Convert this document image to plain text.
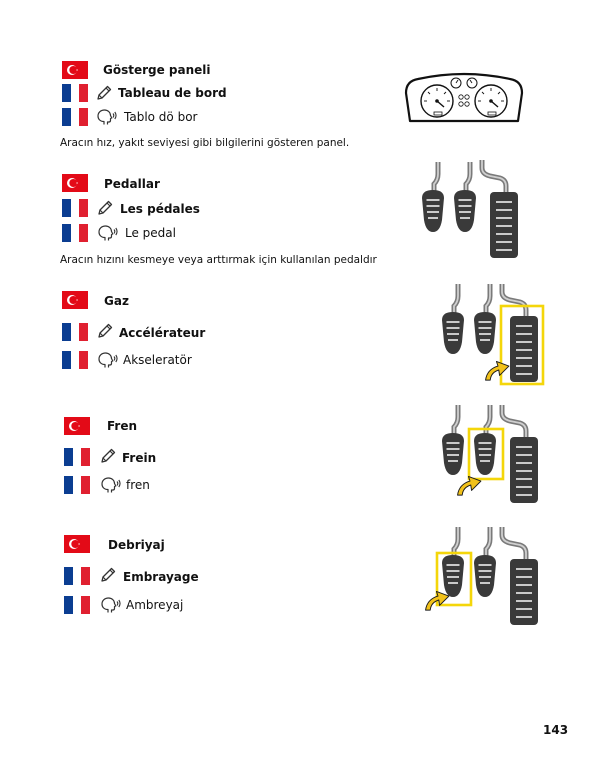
Gösterge paneli
Tableau de bord
Tablo dö bor
Aracın hız, yakıt seviyesi gibi bilgilerini gösteren panel.
Pedallar
Les pédales
Le pedal
Aracın hızını kesmeye veya arttırmak için kullanılan pedaldır
Gaz
Accélérateur
Akseleratör
Fren
Frein
fren
Debriyaj
Embrayage
Ambreyaj
143
